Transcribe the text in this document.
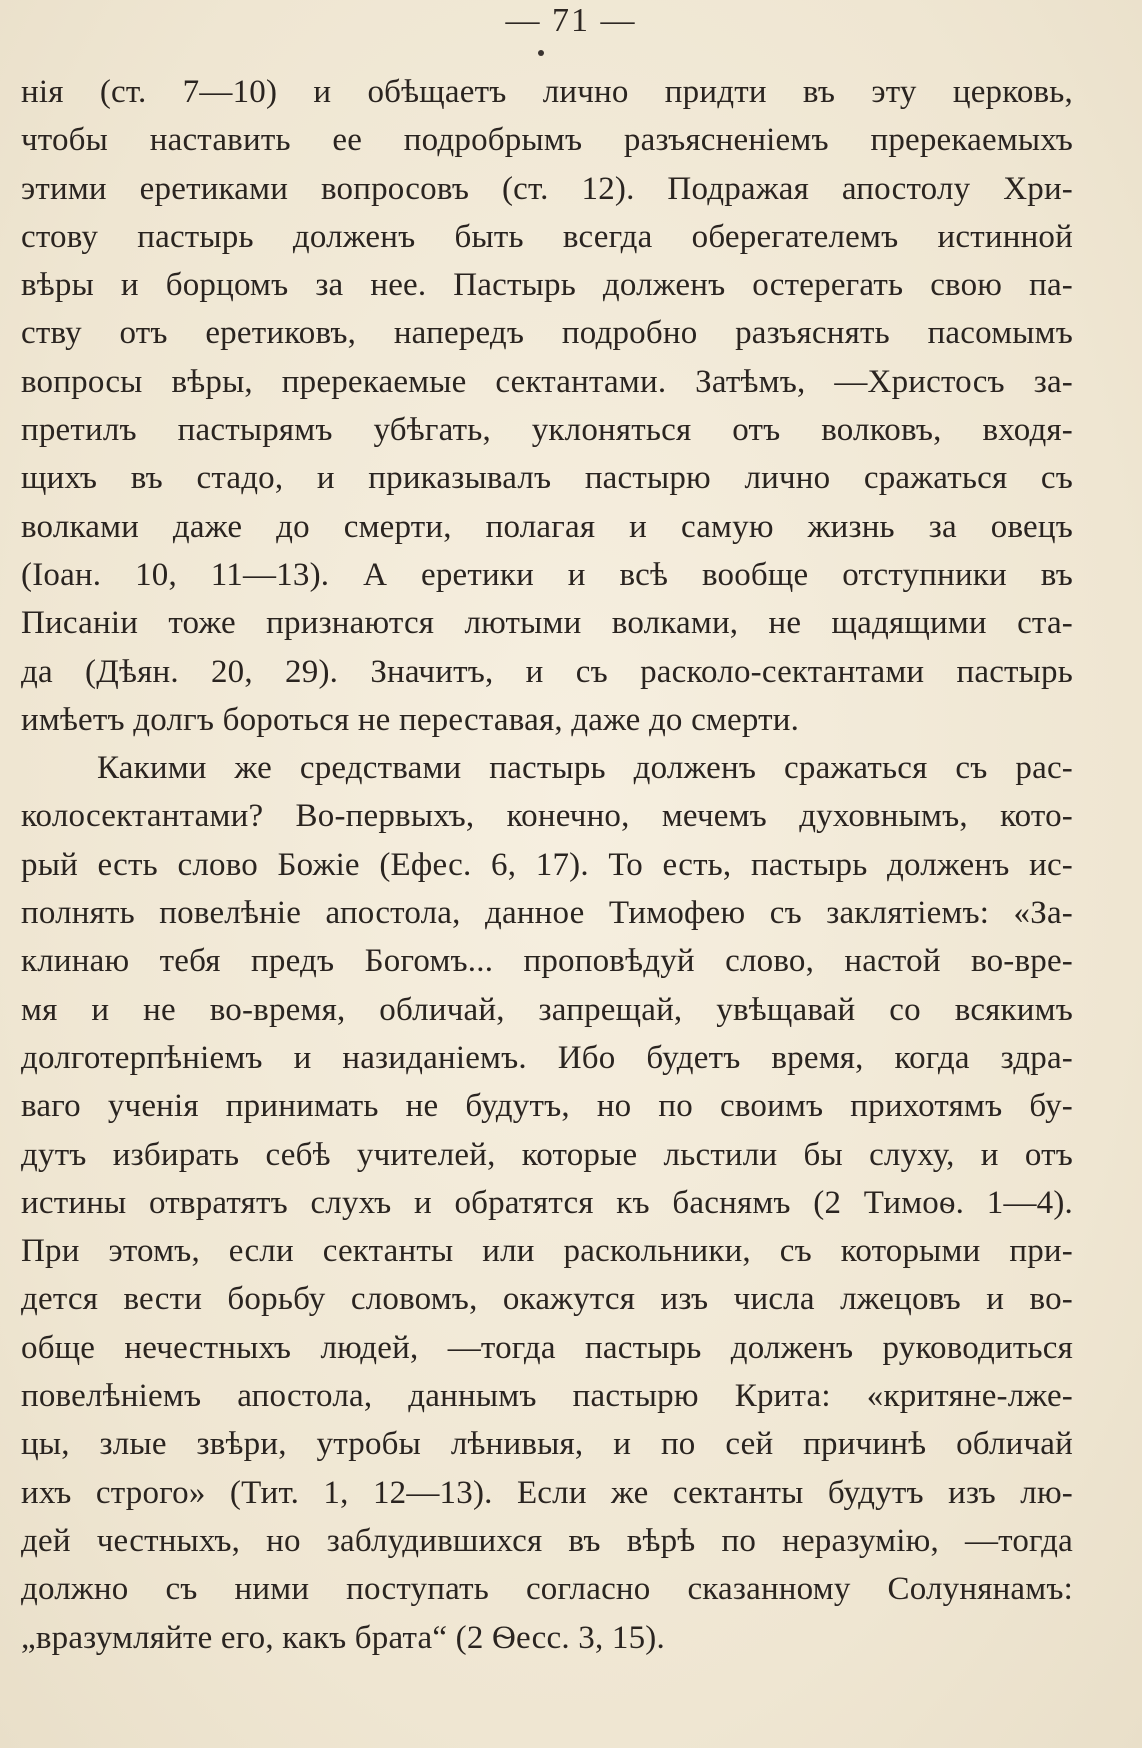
— 71 —
нія (ст. 7—10) и обѣщаетъ лично придти въ эту церковь,
чтобы наставить ее подробрымъ разъясненіемъ пререкаемыхъ
этими еретиками вопросовъ (ст. 12). Подражая апостолу Хри-
стову пастырь долженъ быть всегда оберегателемъ истинной
вѣры и борцомъ за нее. Пастырь долженъ остерегать свою па-
ству отъ еретиковъ, напередъ подробно разъяснять пасомымъ
вопросы вѣры, пререкаемые сектантами. Затѣмъ, —Христосъ за-
претилъ пастырямъ убѣгать, уклоняться отъ волковъ, входя-
щихъ въ стадо, и приказывалъ пастырю лично сражаться съ
волками даже до смерти, полагая и самую жизнь за овецъ
(Іоан. 10, 11—13). А еретики и всѣ вообще отступники въ
Писаніи тоже признаются лютыми волками, не щадящими ста-
да (Дѣян. 20, 29). Значитъ, и съ расколо-сектантами пастырь
имѣетъ долгъ бороться не переставая, даже до смерти.
Какими же средствами пастырь долженъ сражаться съ рас-
колосектантами? Во-первыхъ, конечно, мечемъ духовнымъ, кото-
рый есть слово Божіе (Ефес. 6, 17). То есть, пастырь долженъ ис-
полнять повелѣніе апостола, данное Тимофею съ заклятіемъ: «За-
клинаю тебя предъ Богомъ... проповѣдуй слово, настой во-вре-
мя и не во-время, обличай, запрещай, увѣщавай со всякимъ
долготерпѣніемъ и назиданіемъ. Ибо будетъ время, когда здра-
ваго ученія принимать не будутъ, но по своимъ прихотямъ бу-
дутъ избирать себѣ учителей, которые льстили бы слуху, и отъ
истины отвратятъ слухъ и обратятся къ баснямъ (2 Тимоѳ. 1—4).
При этомъ, если сектанты или раскольники, съ которыми при-
дется вести борьбу словомъ, окажутся изъ числа лжецовъ и во-
обще нечестныхъ людей, —тогда пастырь долженъ руководиться
повелѣніемъ апостола, даннымъ пастырю Крита: «критяне-лже-
цы, злые звѣри, утробы лѣнивыя, и по сей причинѣ обличай
ихъ строго» (Тит. 1, 12—13). Если же сектанты будутъ изъ лю-
дей честныхъ, но заблудившихся въ вѣрѣ по неразумію, —тогда
должно съ ними поступать согласно сказанному Солунянамъ:
„вразумляйте его, какъ брата“ (2 Ѳесс. 3, 15).
